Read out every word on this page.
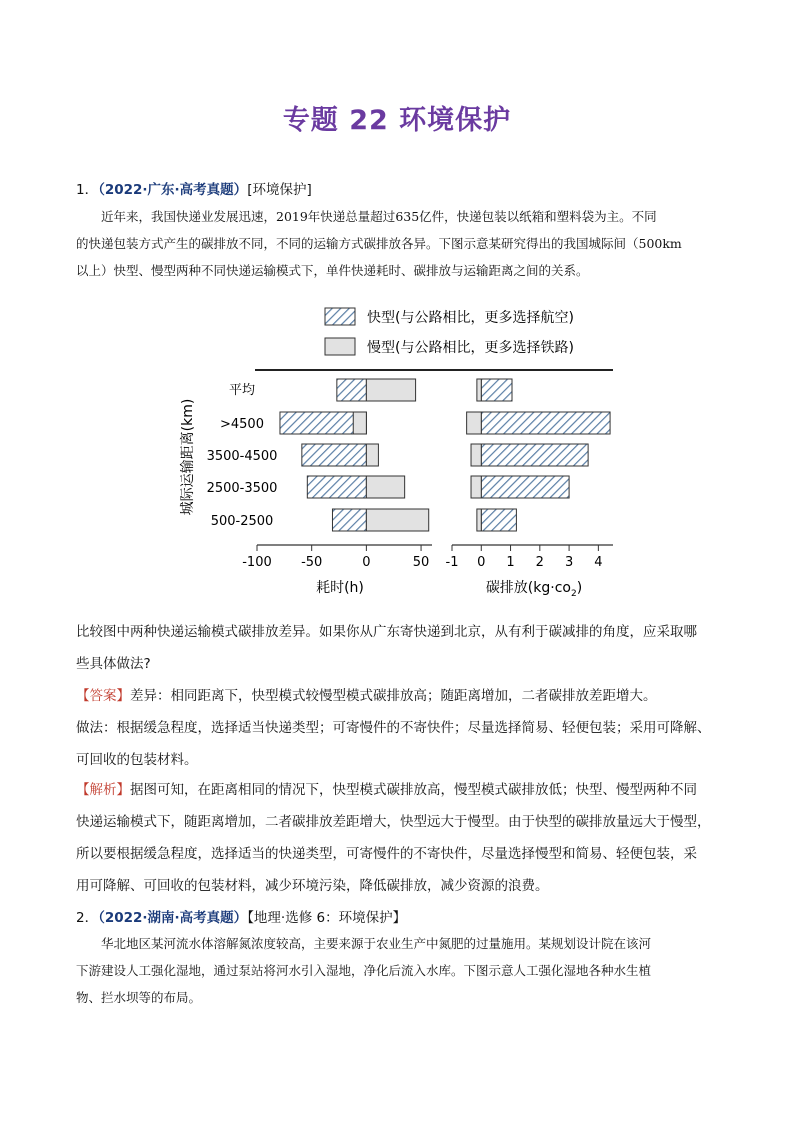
专题 22 环境保护
1．（2022·广东·高考真题）[环境保护]

近年来，我国快递业发展迅速，2019年快递总量超过635亿件，快递包装以纸箱和塑料袋为主。不同

的快递包装方式产生的碳排放不同，不同的运输方式碳排放各异。下图示意某研究得出的我国城际间（500km

以上）快型、慢型两种不同快递运输模式下，单件快递耗时、碳排放与运输距离之间的关系。

快型(与公路相比，更多选择航空)
慢型(与公路相比，更多选择铁路)
城际运输距离(km)
平均
>4500
3500-4500
2500-3500
500-2500
-100 -50	0	50 -1 0 1 2 3 4
耗时(h)	碳排放$(kg\cdot co_2)$

比较图中两种快递运输模式碳排放差异。如果你从广东寄快递到北京，从有利于碳减排的角度，应采取哪

些具体做法?

【答案】差异：相同距离下，快型模式较慢型模式碳排放高；随距离增加，二者碳排放差距增大。

做法：根据缓急程度，选择适当快递类型；可寄慢件的不寄快件；尽量选择简易、轻便包装；采用可降解、

可回收的包装材料。

【解析】据图可知，在距离相同的情况下，快型模式碳排放高，慢型模式碳排放低；快型、慢型两种不同

快递运输模式下，随距离增加，二者碳排放差距增大，快型远大于慢型。由于快型的碳排放量远大于慢型，

所以要根据缓急程度，选择适当的快递类型，可寄慢件的不寄快件，尽量选择慢型和简易、轻便包装，采

用可降解、可回收的包装材料，减少环境污染，降低碳排放，减少资源的浪费。

2．（2022·湖南·高考真题）【地理·选修 6：环境保护】

华北地区某河流水体溶解氮浓度较高，主要来源于农业生产中氮肥的过量施用。某规划设计院在该河

下游建设人工强化湿地，通过泵站将河水引入湿地，净化后流入水库。下图示意人工强化湿地各种水生植

物、拦水坝等的布局。
